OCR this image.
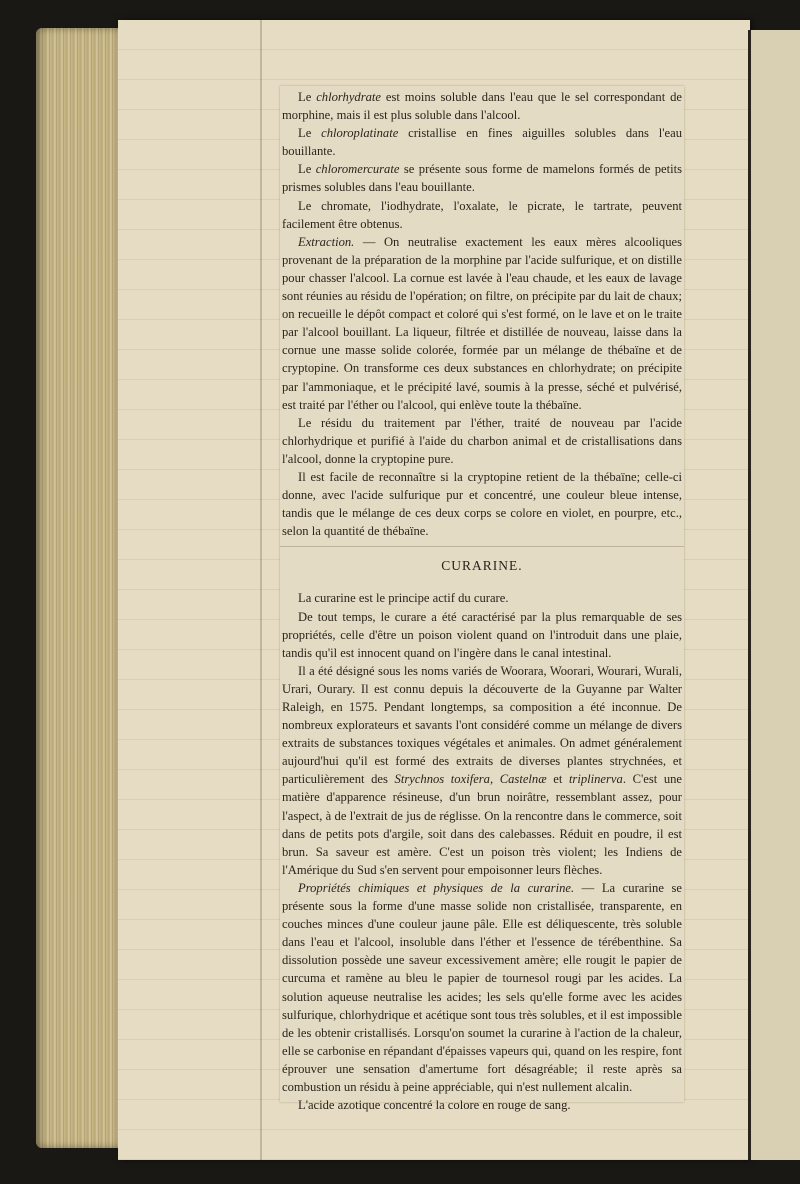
Le chlorhydrate est moins soluble dans l'eau que le sel correspondant de morphine, mais il est plus soluble dans l'alcool.

Le chloroplatinate cristallise en fines aiguilles solubles dans l'eau bouillante.

Le chloromercurate se présente sous forme de mamelons formés de petits prismes solubles dans l'eau bouillante.

Le chromate, l'iodhydrate, l'oxalate, le picrate, le tartrate, peuvent facilement être obtenus.

Extraction. — On neutralise exactement les eaux mères alcooliques provenant de la préparation de la morphine par l'acide sulfurique, et on distille pour chasser l'alcool. La cornue est lavée à l'eau chaude, et les eaux de lavage sont réunies au résidu de l'opération; on filtre, on précipite par du lait de chaux; on recueille le dépôt compact et coloré qui s'est formé, on le lave et on le traite par l'alcool bouillant. La liqueur, filtrée et distillée de nouveau, laisse dans la cornue une masse solide colorée, formée par un mélange de thébaïne et de cryptopine. On transforme ces deux substances en chlorhydrate; on précipite par l'ammoniaque, et le précipité lavé, soumis à la presse, séché et pulvérisé, est traité par l'éther ou l'alcool, qui enlève toute la thébaïne.

Le résidu du traitement par l'éther, traité de nouveau par l'acide chlorhydrique et purifié à l'aide du charbon animal et de cristallisations dans l'alcool, donne la cryptopine pure.

Il est facile de reconnaître si la cryptopine retient de la thébaïne; celle-ci donne, avec l'acide sulfurique pur et concentré, une couleur bleue intense, tandis que le mélange de ces deux corps se colore en violet, en pourpre, etc., selon la quantité de thébaïne.

CURARINE.

La curarine est le principe actif du curare.

De tout temps, le curare a été caractérisé par la plus remarquable de ses propriétés, celle d'être un poison violent quand on l'introduit dans une plaie, tandis qu'il est innocent quand on l'ingère dans le canal intestinal.

Il a été désigné sous les noms variés de Woorara, Woorari, Wourari, Wurali, Urari, Ourary. Il est connu depuis la découverte de la Guyanne par Walter Raleigh, en 1575. Pendant longtemps, sa composition a été inconnue. De nombreux explorateurs et savants l'ont considéré comme un mélange de divers extraits de substances toxiques végétales et animales. On admet généralement aujourd'hui qu'il est formé des extraits de diverses plantes strychnées, et particulièrement des Strychnos toxifera, Castelnæ et triplinerva. C'est une matière d'apparence résineuse, d'un brun noirâtre, ressemblant assez, pour l'aspect, à de l'extrait de jus de réglisse. On la rencontre dans le commerce, soit dans de petits pots d'argile, soit dans des calebasses. Réduit en poudre, il est brun. Sa saveur est amère. C'est un poison très violent; les Indiens de l'Amérique du Sud s'en servent pour empoisonner leurs flèches.

Propriétés chimiques et physiques de la curarine. — La curarine se présente sous la forme d'une masse solide non cristallisée, transparente, en couches minces d'une couleur jaune pâle. Elle est déliquescente, très soluble dans l'eau et l'alcool, insoluble dans l'éther et l'essence de térébenthine. Sa dissolution possède une saveur excessivement amère; elle rougit le papier de curcuma et ramène au bleu le papier de tournesol rougi par les acides. La solution aqueuse neutralise les acides; les sels qu'elle forme avec les acides sulfurique, chlorhydrique et acétique sont tous très solubles, et il est impossible de les obtenir cristallisés. Lorsqu'on soumet la curarine à l'action de la chaleur, elle se carbonise en répandant d'épaisses vapeurs qui, quand on les respire, font éprouver une sensation d'amertume fort désagréable; il reste après sa combustion un résidu à peine appréciable, qui n'est nullement alcalin.

L'acide azotique concentré la colore en rouge de sang.
